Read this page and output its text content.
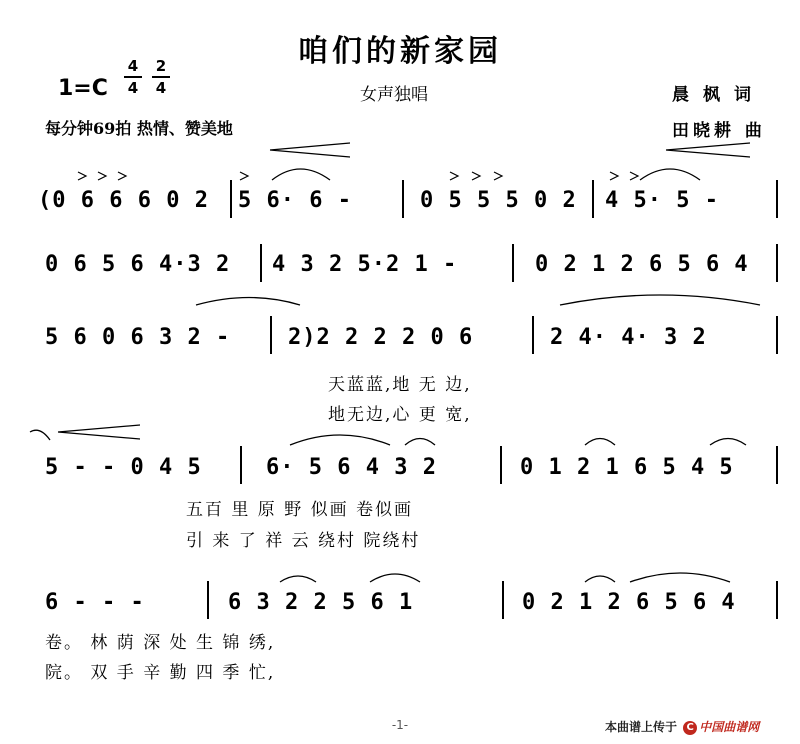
咱们的新家园
1=C
4
4
2
4	女声独唱	晨枫词
每分钟69拍 热情、赞美地	田晓耕 曲
(0 6 6 6 0 2 5 6· 6 -	0 5 5 5 0 2 4 5· 5 -
0 6 5 6 4·3 2 4 3 2 5·2 1 -	0 2 1 2 6 5 6 4
5 6 0 6 3 2 -	2)2 2 2 2 0 6	2 4· 4· 3 2
天蓝蓝,地 无 边,
地无边,心 更 宽,
5 - - 0 4 5	6· 5 6 4 3 2	0 1 2 1 6 5 4 5
五百 里 原 野 似画 卷似画
引 来 了 祥 云 绕村 院绕村
6 - - -	6 3 2 2 5 6 1	0 2 1 2 6 5 6 4
卷。 林 荫 深 处 生 锦 绣,
院。 双 手 辛 勤 四 季 忙,
-1-	本曲谱上传于 C 中国曲谱网
